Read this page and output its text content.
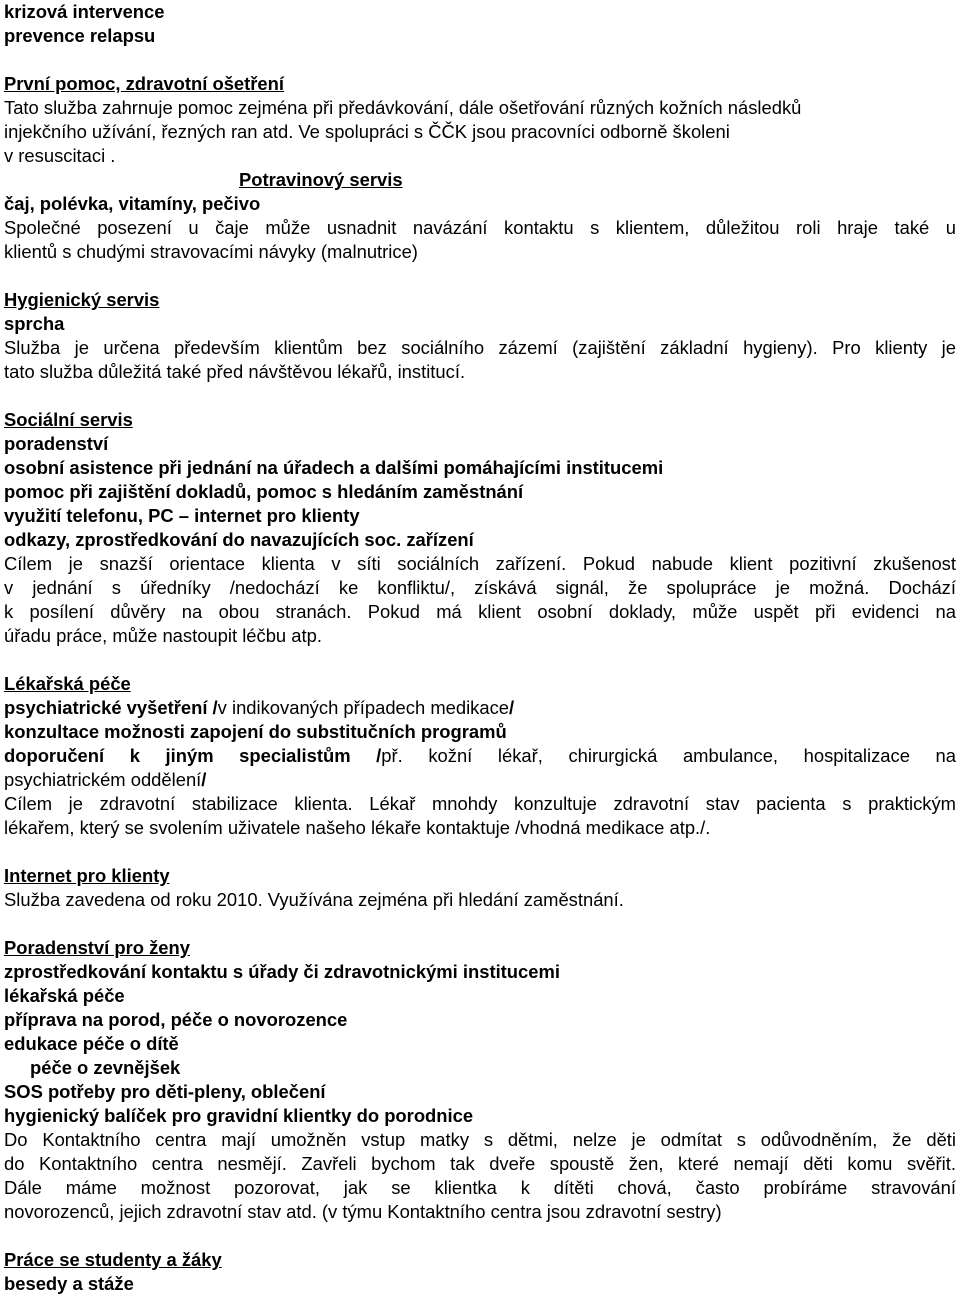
krizová intervence

prevence relapsu

První pomoc, zdravotní ošetření

Tato služba zahrnuje pomoc zejména při předávkování, dále ošetřování různých kožních následků

injekčního užívání, řezných ran atd. Ve spolupráci s ČČK jsou pracovníci odborně školeni

v resuscitaci .

Potravinový servis

čaj, polévka, vitamíny, pečivo

Společné posezení u čaje může usnadnit navázání kontaktu s klientem, důležitou roli hraje také u

klientů s chudými stravovacími návyky (malnutrice)

Hygienický servis

sprcha

Služba je určena především klientům bez sociálního zázemí (zajištění základní hygieny). Pro klienty je

tato služba důležitá také před návštěvou lékařů, institucí.

Sociální servis

poradenství

osobní asistence při jednání na úřadech a dalšími pomáhajícími institucemi

pomoc při zajištění dokladů, pomoc s hledáním zaměstnání

využití telefonu, PC – internet pro klienty

odkazy, zprostředkování do navazujících soc. zařízení

Cílem je snazší orientace klienta v síti sociálních zařízení. Pokud nabude klient pozitivní zkušenost

v jednání s úředníky /nedochází ke konfliktu/, získává signál, že spolupráce je možná. Dochází

k posílení důvěry na obou stranách. Pokud má klient osobní doklady, může uspět při evidenci na

úřadu práce, může nastoupit léčbu atp.

Lékařská péče

psychiatrické vyšetření /v indikovaných případech medikace/

konzultace možnosti zapojení do substitučních programů

doporučení k jiným specialistům /př. kožní lékař, chirurgická ambulance, hospitalizace na

psychiatrickém oddělení/

Cílem je zdravotní stabilizace klienta. Lékař mnohdy konzultuje zdravotní stav pacienta s praktickým

lékařem, který se svolením uživatele našeho lékaře kontaktuje /vhodná medikace atp./.

Internet pro klienty

Služba zavedena od roku 2010. Využívána zejména při hledání zaměstnání.

Poradenství pro ženy

zprostředkování kontaktu s úřady či zdravotnickými institucemi

lékařská péče

příprava na porod, péče o novorozence

edukace péče o dítě

péče o zevnějšek

SOS potřeby pro děti-pleny, oblečení

hygienický balíček pro gravidní klientky do porodnice

Do Kontaktního centra mají umožněn vstup matky s dětmi, nelze je odmítat s odůvodněním, že děti

do Kontaktního centra nesmějí. Zavřeli bychom tak dveře spoustě žen, které nemají děti komu svěřit.

Dále máme možnost pozorovat, jak se klientka k dítěti chová, často probíráme stravování

novorozenců, jejich zdravotní stav atd. (v týmu Kontaktního centra jsou zdravotní sestry)

Práce se studenty a žáky

besedy a stáže
